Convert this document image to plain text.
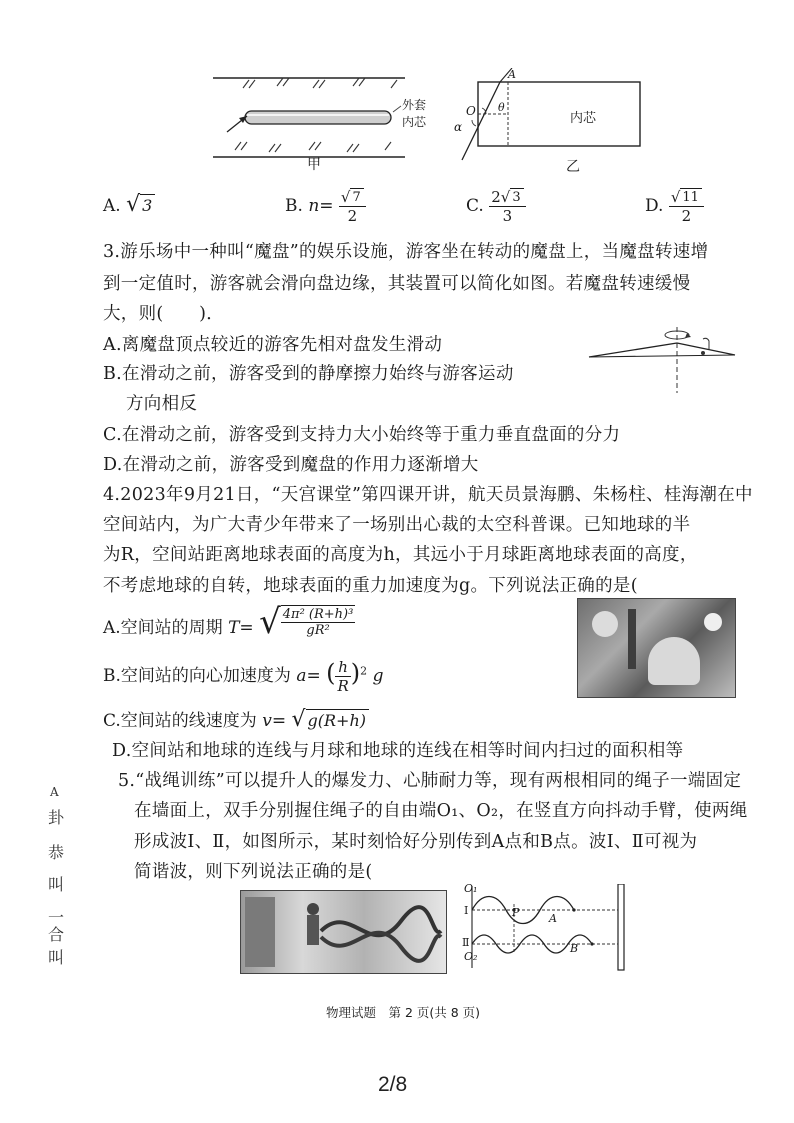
外套
内芯
甲
A
O θ
α
内芯
乙
A. √ 3	B. $n= \frac{√ 7}{2}$	C. $\frac{2 √ 3}{3}$	D. $\frac{√ 11}{2}$
3.游乐场中一种叫“魔盘”的娱乐设施，游客坐在转动的魔盘上，当魔盘转速增
到一定值时，游客就会滑向盘边缘，其装置可以简化如图。若魔盘转速缓慢
大，则(　　)．
A.离魔盘顶点较近的游客先相对盘发生滑动
B.在滑动之前，游客受到的静摩擦力始终与游客运动
方向相反
C.在滑动之前，游客受到支持力大小始终等于重力垂直盘面的分力
D.在滑动之前，游客受到魔盘的作用力逐渐增大
4.2023年9月21日，“天宫课堂”第四课开讲，航天员景海鹏、朱杨柱、桂海潮在中
空间站内，为广大青少年带来了一场别出心裁的太空科普课。已知地球的半
为R，空间站距离地球表面的高度为h，其远小于月球距离地球表面的高度，
不考虑地球的自转，地球表面的重力加速度为g。下列说法正确的是(
A.空间站的周期 T= √ $\frac{\text{4π² (R+h)³}}{\text{gR²}}$
B.空间站的向心加速度为 a= ( $\frac{h}{R} )^2$ g
C.空间站的线速度为 v= √ g(R+h)
D.空间站和地球的连线与月球和地球的连线在相等时间内扫过的面积相等
5.“战绳训练”可以提升人的爆发力、心肺耐力等，现有两根相同的绳子一端固定
在墙面上，双手分别握住绳子的自由端O₁、O₂，在竖直方向抖动手臂，使两绳
形成波Ⅰ、Ⅱ，如图所示，某时刻恰好分别传到A点和B点。波Ⅰ、Ⅱ可视为
简谐波，则下列说法正确的是(
O₁
Ⅰ	P	A
Ⅱ
O₂
B
A
卦
恭
叫
一
合
叫
物理试题　第 2 页(共 8 页)
2/8
